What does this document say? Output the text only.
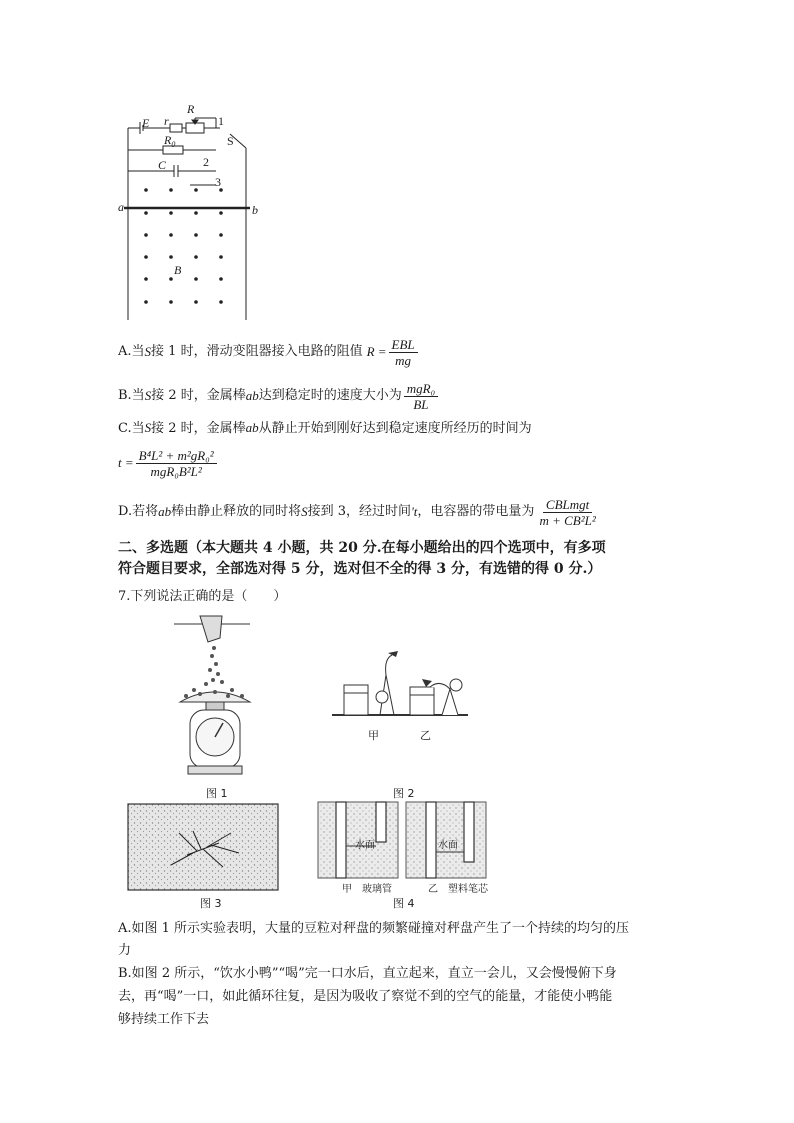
E r
R
$R_0$
C
1
2
3
S
a	b
B
A.当 S 接 1 时，滑动变阻器接入电路的阻值 $R = \frac{\text{EBL}}{mg}$
B.当 S 接 2 时，金属棒 ab 达到稳定时的速度大小为 $\frac{\text{mgR₀}}{BL}$
C.当S接 2 时，金属棒ab从静止开始到刚好达到稳定速度所经历的时间为
$t = \frac{\text{B⁴L² + m²gR₀²}}{\text{mgR₀B²L²}}$
D.若将 ab 棒由静止释放的同时将 S 接到 3，经过时间 't ，电容器的带电量为 $\frac{\text{CBLmgt}}{\text{m + CB²L²}}$
二、多选题（本大题共 4 小题，共 20 分.在每小题给出的四个选项中，有多项
符合题目要求，全部选对得 5 分，选对但不全的得 3 分，有选错的得 0 分.）
7.下列说法正确的是（　　）
图 1
甲	乙
图 2
图 3
水面	水面
甲　玻璃管	乙　塑料笔芯
图 4
A.如图 1 所示实验表明，大量的豆粒对秤盘的频繁碰撞对秤盘产生了一个持续的均匀的压
力
B.如图 2 所示，“饮水小鸭”“喝”完一口水后，直立起来，直立一会儿，又会慢慢俯下身
去，再“喝”一口，如此循环往复，是因为吸收了察觉不到的空气的能量，才能使小鸭能
够持续工作下去
